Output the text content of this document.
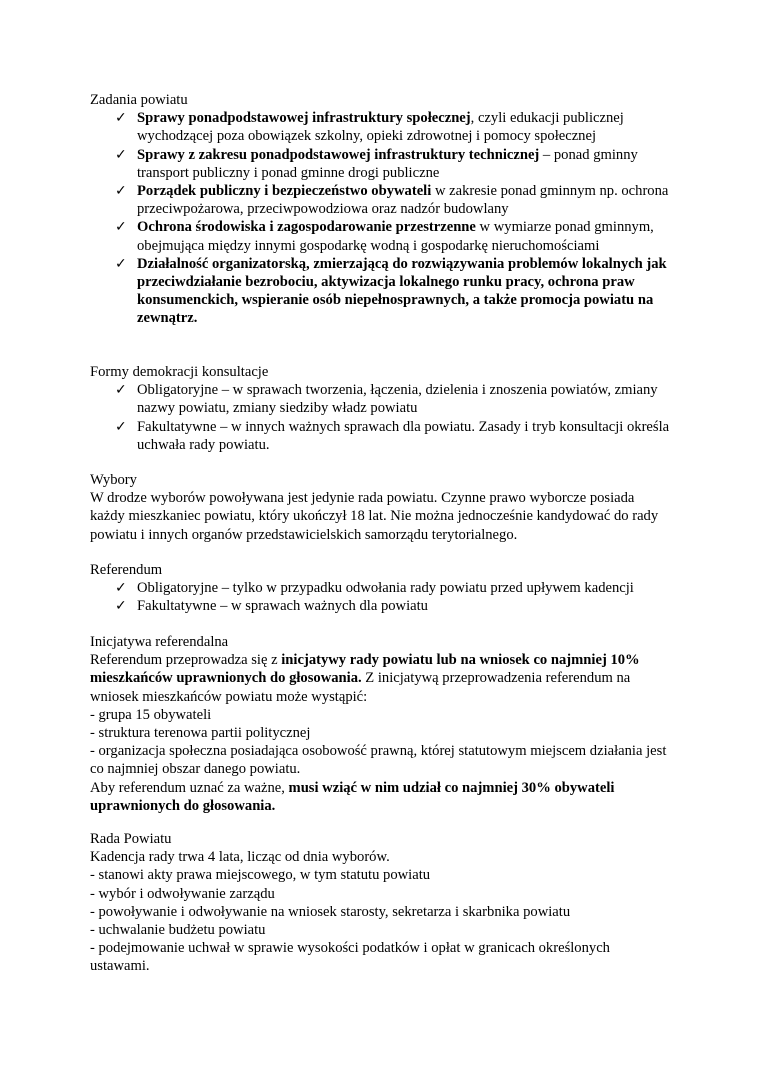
Zadania powiatu
✓ Sprawy ponadpodstawowej infrastruktury społecznej, czyli edukacji publicznej wychodzącej poza obowiązek szkolny, opieki zdrowotnej i pomocy społecznej
✓ Sprawy z zakresu ponadpodstawowej infrastruktury technicznej – ponad gminny transport publiczny i ponad gminne drogi publiczne
✓ Porządek publiczny i bezpieczeństwo obywateli w zakresie ponad gminnym np. ochrona przeciwpożarowa, przeciwpowodziowa oraz nadzór budowlany
✓ Ochrona środowiska i zagospodarowanie przestrzenne w wymiarze ponad gminnym, obejmująca między innymi gospodarkę wodną i gospodarkę nieruchomościami
✓ Działalność organizatorską, zmierzającą do rozwiązywania problemów lokalnych jak przeciwdziałanie bezrobociu, aktywizacja lokalnego runku pracy, ochrona praw konsumenckich, wspieranie osób niepełnosprawnych, a także promocja powiatu na zewnątrz.
Formy demokracji konsultacje
✓ Obligatoryjne – w sprawach tworzenia, łączenia, dzielenia i znoszenia powiatów, zmiany nazwy powiatu, zmiany siedziby władz powiatu
✓ Fakultatywne – w innych ważnych sprawach dla powiatu. Zasady i tryb konsultacji określa uchwała rady powiatu.
Wybory
W drodze wyborów powoływana jest jedynie rada powiatu. Czynne prawo wyborcze posiada każdy mieszkaniec powiatu, który ukończył 18 lat. Nie można jednocześnie kandydować do rady powiatu i innych organów przedstawicielskich samorządu terytorialnego.
Referendum
✓ Obligatoryjne – tylko w przypadku odwołania rady powiatu przed upływem kadencji
✓ Fakultatywne – w sprawach ważnych dla powiatu
Inicjatywa referendalna
Referendum przeprowadza się z inicjatywy rady powiatu lub na wniosek co najmniej 10% mieszkańców uprawnionych do głosowania. Z inicjatywą przeprowadzenia referendum na wniosek mieszkańców powiatu może wystąpić:
- grupa 15 obywateli
- struktura terenowa partii politycznej
- organizacja społeczna posiadająca osobowość prawną, której statutowym miejscem działania jest co najmniej obszar danego powiatu.
Aby referendum uznać za ważne, musi wziąć w nim udział co najmniej 30% obywateli uprawnionych do głosowania.
Rada Powiatu
Kadencja rady trwa 4 lata, licząc od dnia wyborów.
- stanowi akty prawa miejscowego, w tym statutu powiatu
- wybór i odwoływanie zarządu
- powoływanie i odwoływanie na wniosek starosty, sekretarza i skarbnika powiatu
- uchwalanie budżetu powiatu
- podejmowanie uchwał w sprawie wysokości podatków i opłat w granicach określonych ustawami.
